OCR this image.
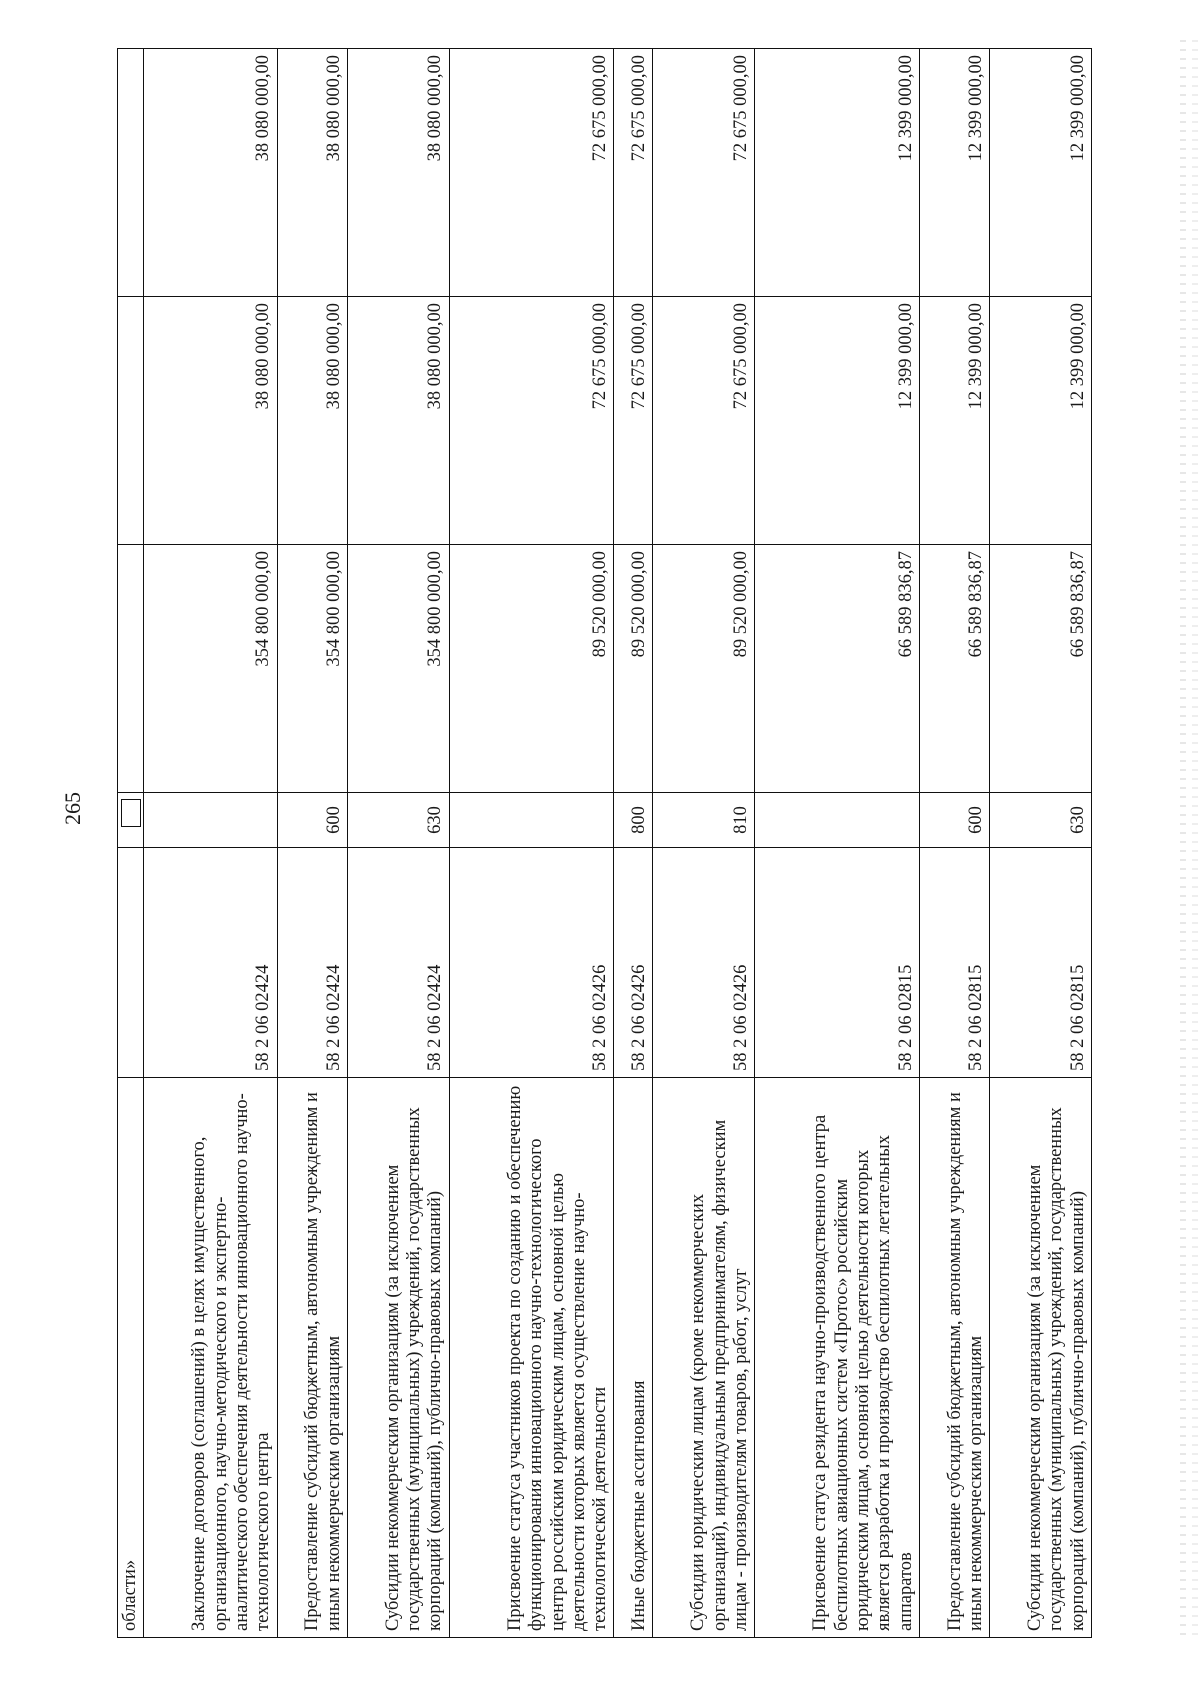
265
области»		

Заключение договоров (соглашений) в целях имущественного, организационного, научно-методического и экспертно-аналитического обеспечения деятельности инновационного научно-технологического центра	58 2 06 02424		354 800 000,00	38 080 000,00	38 080 000,00
Предоставление субсидий бюджетным, автономным учреждениям и иным некоммерческим организациям	58 2 06 02424	600	354 800 000,00	38 080 000,00	38 080 000,00
Субсидии некоммерческим организациям (за исключением государственных (муниципальных) учреждений, государственных корпораций (компаний), публично-правовых компаний)	58 2 06 02424	630	354 800 000,00	38 080 000,00	38 080 000,00
Присвоение статуса участников проекта по созданию и обеспечению функционирования инновационного научно-технологического центра российским юридическим лицам, основной целью деятельности которых является осуществление научно-технологической деятельности	58 2 06 02426		89 520 000,00	72 675 000,00	72 675 000,00
Иные бюджетные ассигнования	58 2 06 02426	800	89 520 000,00	72 675 000,00	72 675 000,00
Субсидии юридическим лицам (кроме некоммерческих организаций), индивидуальным предпринимателям, физическим лицам - производителям товаров, работ, услуг	58 2 06 02426	810	89 520 000,00	72 675 000,00	72 675 000,00
Присвоение статуса резидента научно-производственного центра беспилотных авиационных систем «Протос» российским юридическим лицам, основной целью деятельности которых является разработка и производство беспилотных летательных аппаратов	58 2 06 02815		66 589 836,87	12 399 000,00	12 399 000,00
Предоставление субсидий бюджетным, автономным учреждениям и иным некоммерческим организациям	58 2 06 02815	600	66 589 836,87	12 399 000,00	12 399 000,00
Субсидии некоммерческим организациям (за исключением государственных (муниципальных) учреждений, государственных корпораций (компаний), публично-правовых компаний)	58 2 06 02815	630	66 589 836,87	12 399 000,00	12 399 000,00
